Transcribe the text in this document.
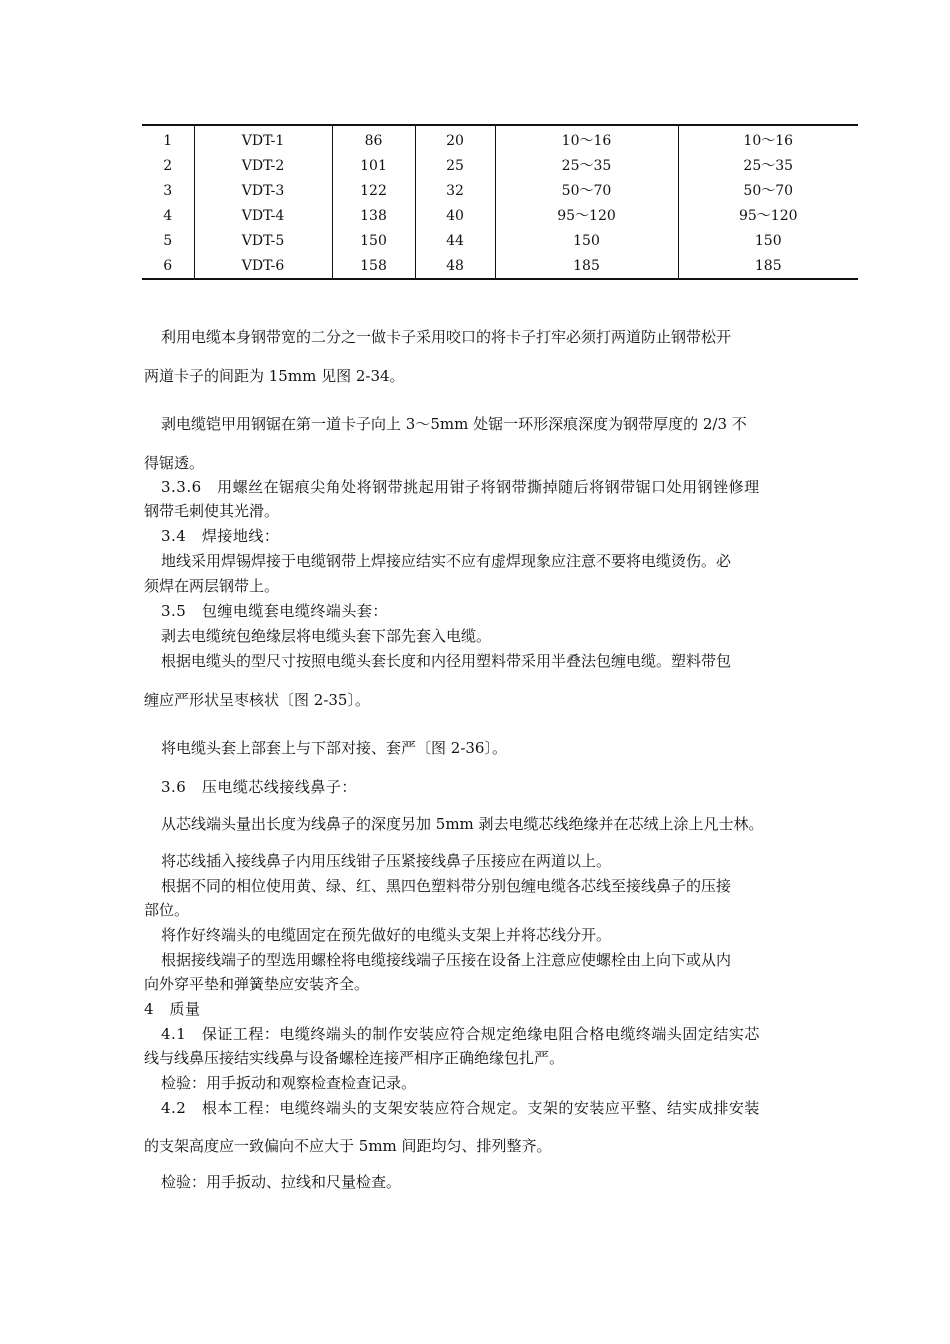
1	VDT-1	86	20	10～16	10～16
2	VDT-2	101	25	25～35	25～35
3	VDT-3	122	32	50～70	50～70
4	VDT-4	138	40	95～120	95～120
5	VDT-5	150	44	150	150
6	VDT-6	158	48	185	185

利用电缆本身钢带宽的二分之一做卡子采用咬口的将卡子打牢必须打两道防止钢带松开

两道卡子的间距为 15mm 见图 2-34。

剥电缆铠甲用钢锯在第一道卡子向上 3～5mm 处锯一环形深痕深度为钢带厚度的 2/3 不

得锯透。

3.3.6　用螺丝在锯痕尖角处将钢带挑起用钳子将钢带撕掉随后将钢带锯口处用钢锉修理

钢带毛刺使其光滑。

3.4　焊接地线：

地线采用焊锡焊接于电缆钢带上焊接应结实不应有虚焊现象应注意不要将电缆烫伤。必

须焊在两层钢带上。

3.5　包缠电缆套电缆终端头套：

剥去电缆统包绝缘层将电缆头套下部先套入电缆。

根据电缆头的型尺寸按照电缆头套长度和内径用塑料带采用半叠法包缠电缆。塑料带包

缠应严形状呈枣核状〔图 2-35〕。

将电缆头套上部套上与下部对接、套严〔图 2-36〕。

3.6　压电缆芯线接线鼻子：

从芯线端头量出长度为线鼻子的深度另加 5mm 剥去电缆芯线绝缘并在芯绒上涂上凡士林。

将芯线插入接线鼻子内用压线钳子压紧接线鼻子压接应在两道以上。

根据不同的相位使用黄、绿、红、黑四色塑料带分别包缠电缆各芯线至接线鼻子的压接

部位。

将作好终端头的电缆固定在预先做好的电缆头支架上并将芯线分开。

根据接线端子的型选用螺栓将电缆接线端子压接在设备上注意应使螺栓由上向下或从内

向外穿平垫和弹簧垫应安装齐全。

4　质量

4.1　保证工程：电缆终端头的制作安装应符合规定绝缘电阻合格电缆终端头固定结实芯

线与线鼻压接结实线鼻与设备螺栓连接严相序正确绝缘包扎严。

检验：用手扳动和观察检查检查记录。

4.2　根本工程：电缆终端头的支架安装应符合规定。支架的安装应平整、结实成排安装

的支架高度应一致偏向不应大于 5mm 间距均匀、排列整齐。

检验：用手扳动、拉线和尺量检查。
